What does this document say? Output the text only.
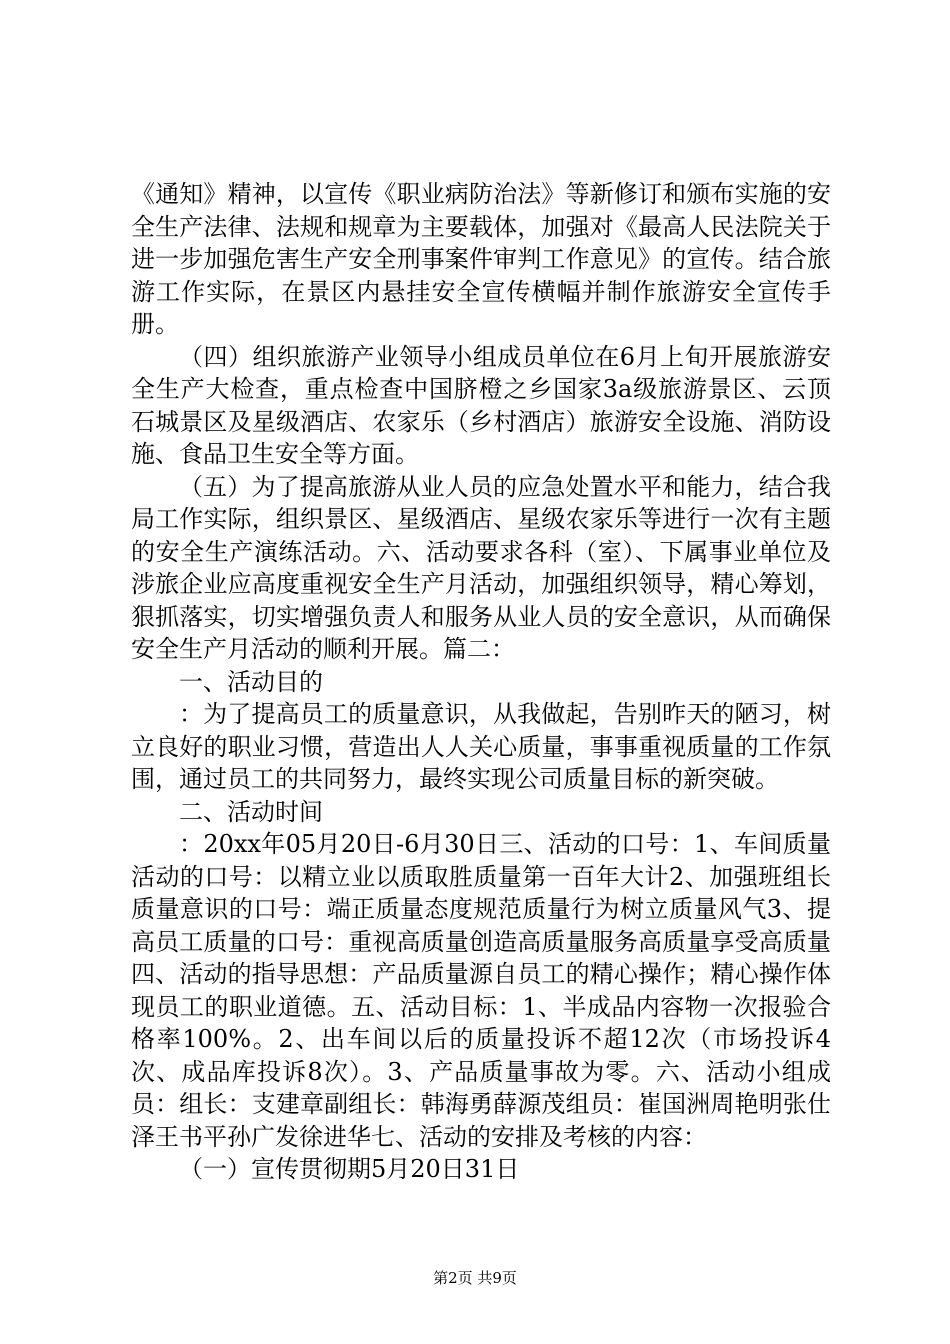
《通知》精神，以宣传《职业病防治法》等新修订和颁布实施的安全生产法律、法规和规章为主要载体，加强对《最高人民法院关于进一步加强危害生产安全刑事案件审判工作意见》的宣传。结合旅游工作实际，在景区内悬挂安全宣传横幅并制作旅游安全宣传手册。

（四）组织旅游产业领导小组成员单位在6月上旬开展旅游安全生产大检查，重点检查中国脐橙之乡国家3a级旅游景区、云顶石城景区及星级酒店、农家乐（乡村酒店）旅游安全设施、消防设施、食品卫生安全等方面。

（五）为了提高旅游从业人员的应急处置水平和能力，结合我局工作实际，组织景区、星级酒店、星级农家乐等进行一次有主题的安全生产演练活动。六、活动要求各科（室）、下属事业单位及涉旅企业应高度重视安全生产月活动，加强组织领导，精心筹划，狠抓落实，切实增强负责人和服务从业人员的安全意识，从而确保安全生产月活动的顺利开展。篇二：

一、活动目的

：为了提高员工的质量意识，从我做起，告别昨天的陋习，树立良好的职业习惯，营造出人人关心质量，事事重视质量的工作氛围，通过员工的共同努力，最终实现公司质量目标的新突破。

二、活动时间

：20xx年05月20日-6月30日三、活动的口号：1、车间质量活动的口号：以精立业以质取胜质量第一百年大计2、加强班组长质量意识的口号：端正质量态度规范质量行为树立质量风气3、提高员工质量的口号：重视高质量创造高质量服务高质量享受高质量四、活动的指导思想：产品质量源自员工的精心操作；精心操作体现员工的职业道德。五、活动目标：1、半成品内容物一次报验合格率100%。2、出车间以后的质量投诉不超12次（市场投诉4次、成品库投诉8次）。3、产品质量事故为零。六、活动小组成员：组长：支建章副组长：韩海勇薛源茂组员：崔国洲周艳明张仕泽王书平孙广发徐进华七、活动的安排及考核的内容：

（一）宣传贯彻期5月20日31日

第2页 共9页
